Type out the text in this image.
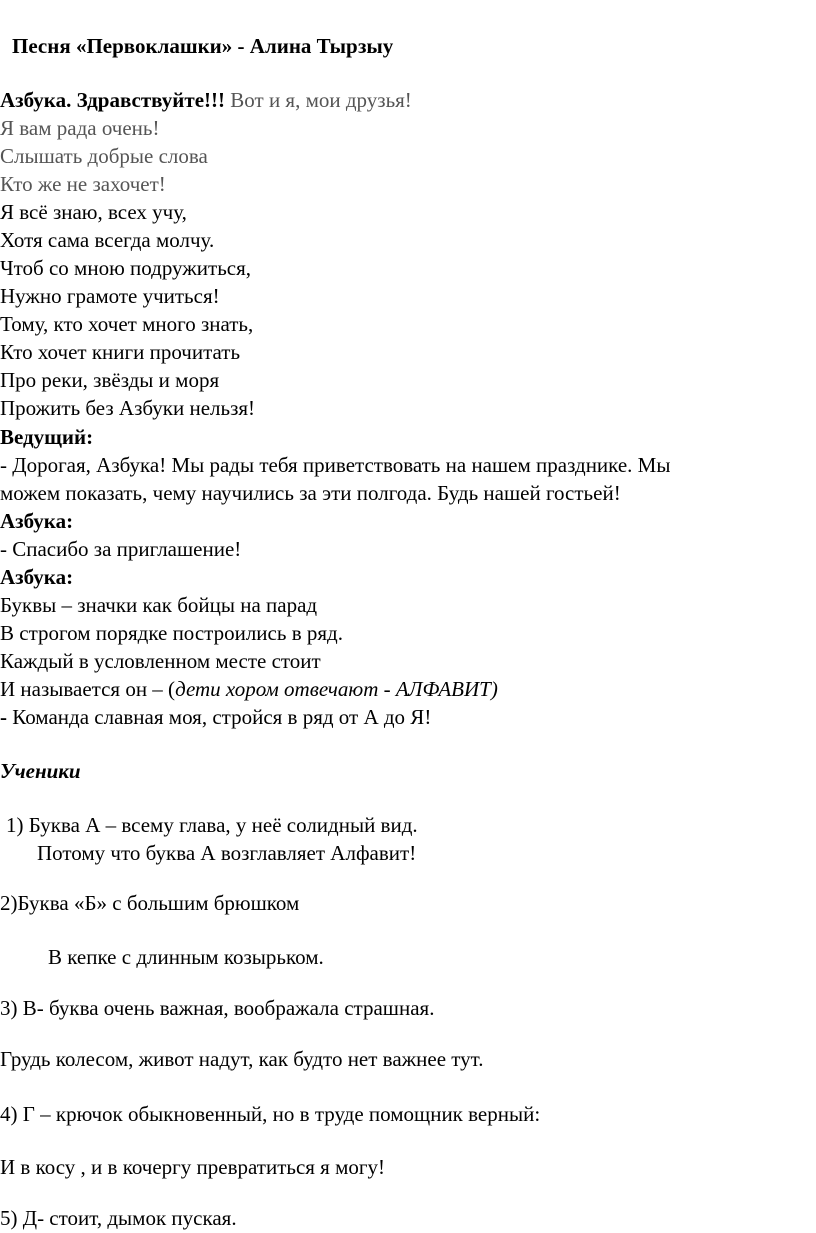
Песня «Первоклашки» - Алина Тырзыу
Азбука. Здравствуйте!!! Вот и я, мои друзья!
Я вам рада очень!
Слышать добрые слова
Кто же не захочет!
Я всё знаю, всех учу,
Хотя сама всегда молчу.
Чтоб со мною подружиться,
Нужно грамоте учиться!
Тому, кто хочет много знать,
Кто хочет книги прочитать
Про реки, звёзды и моря
Прожить без Азбуки нельзя!
Ведущий:
- Дорогая, Азбука! Мы рады тебя приветствовать на нашем празднике. Мы
можем показать, чему научились за эти полгода. Будь нашей гостьей!
Азбука:
- Спасибо за приглашение!
Азбука:
Буквы – значки как бойцы на парад
В строгом порядке построились в ряд.
Каждый в условленном месте стоит
И называется он – (дети хором отвечают - АЛФАВИТ)
- Команда славная моя, стройся в ряд от А до Я!
Ученики
1) Буква А – всему глава, у неё солидный вид.
Потому что буква А возглавляет Алфавит!
2)Буква «Б» с большим брюшком
В кепке с длинным козырьком.
3) В- буква очень важная, воображала страшная.
Грудь колесом, живот надут, как будто нет важнее тут.
4) Г – крючок обыкновенный, но в труде помощник верный:
И в косу , и в кочергу превратиться я могу!
5) Д- стоит, дымок пуская.
